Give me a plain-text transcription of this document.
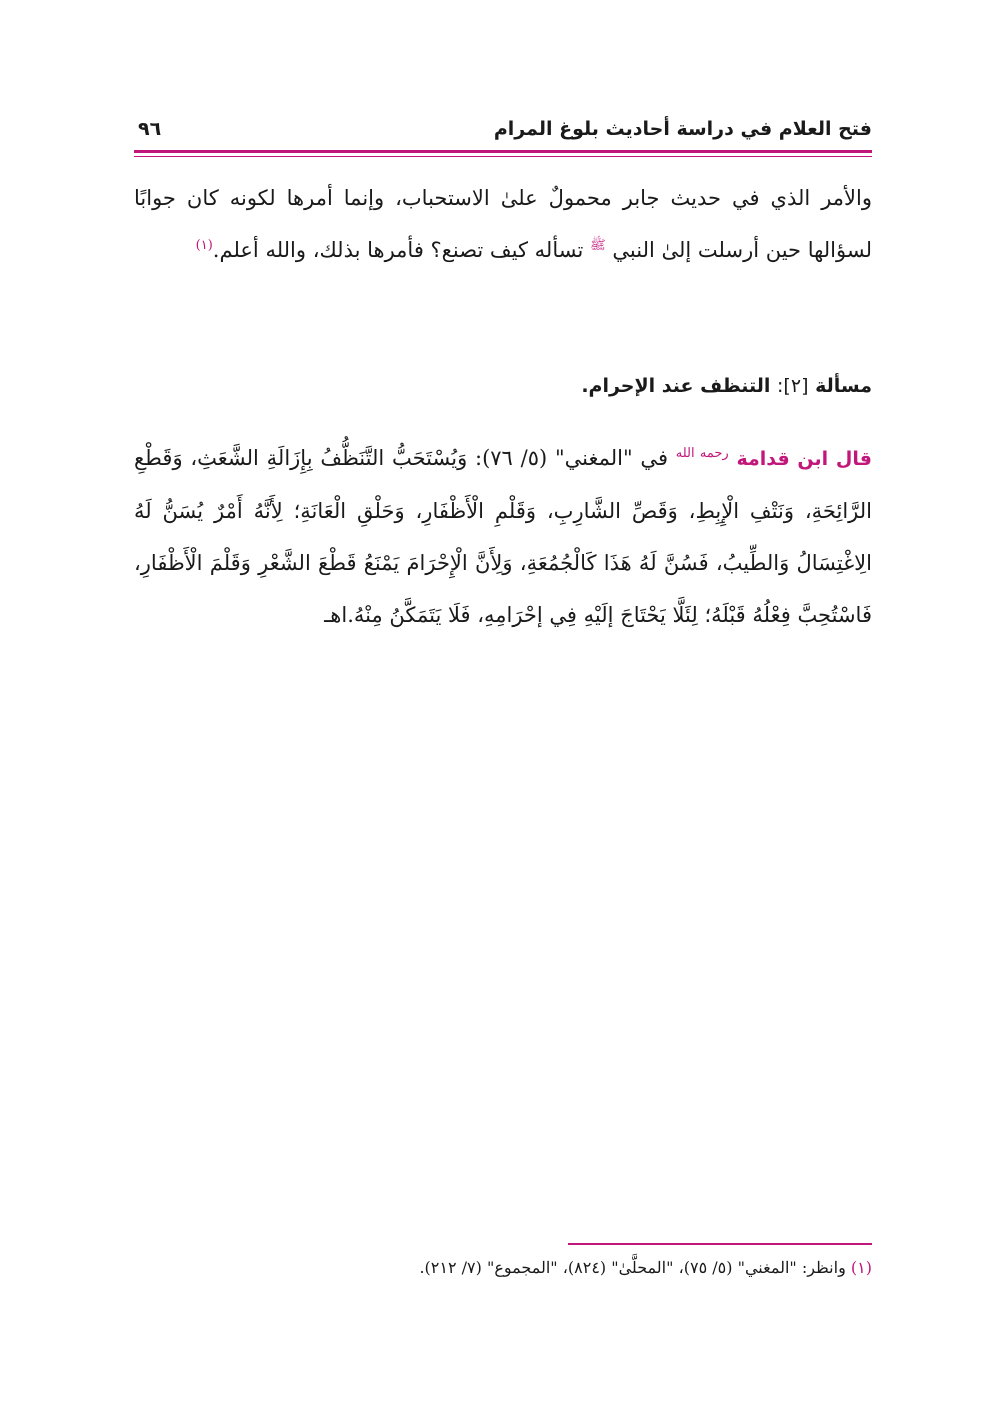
فتح العلام في دراسة أحاديث بلوغ المرام
٩٦

والأمر الذي في حديث جابر محمولٌ علىٰ الاستحباب، وإنما أمرها لكونه كان جوابًا لسؤالها حين أرسلت إلىٰ النبي $^ﷺ$ تسأله كيف تصنع؟ فأمرها بذلك، والله أعلم.$^{(١)}$

مسألة [٢]: التنظف عند الإحرام.
قال ابن قدامة $^{رحمه الله}$ في "المغني" (٥/ ٧٦): وَيُسْتَحَبُّ التَّنَظُّفُ بِإِزَالَةِ الشَّعَثِ، وَقَطْعِ الرَّائِحَةِ، وَنَتْفِ الْإِبِطِ، وَقَصِّ الشَّارِبِ، وَقَلْمِ الْأَظْفَارِ، وَحَلْقِ الْعَانَةِ؛ لِأَنَّهُ أَمْرٌ يُسَنُّ لَهُ الِاغْتِسَالُ وَالطِّيبُ، فَسُنَّ لَهُ هَذَا كَالْجُمُعَةِ، وَلِأَنَّ الْإِحْرَامَ يَمْنَعُ قَطْعَ الشَّعْرِ وَقَلْمَ الْأَظْفَارِ، فَاسْتُحِبَّ فِعْلُهُ قَبْلَهُ؛ لِئَلَّا يَحْتَاجَ إلَيْهِ فِي إحْرَامِهِ، فَلَا يَتَمَكَّنُ مِنْهُ.اهـ
(١) وانظر: "المغني" (٥/ ٧٥)، "المحلَّىٰ" (٨٢٤)، "المجموع" (٧/ ٢١٢).
